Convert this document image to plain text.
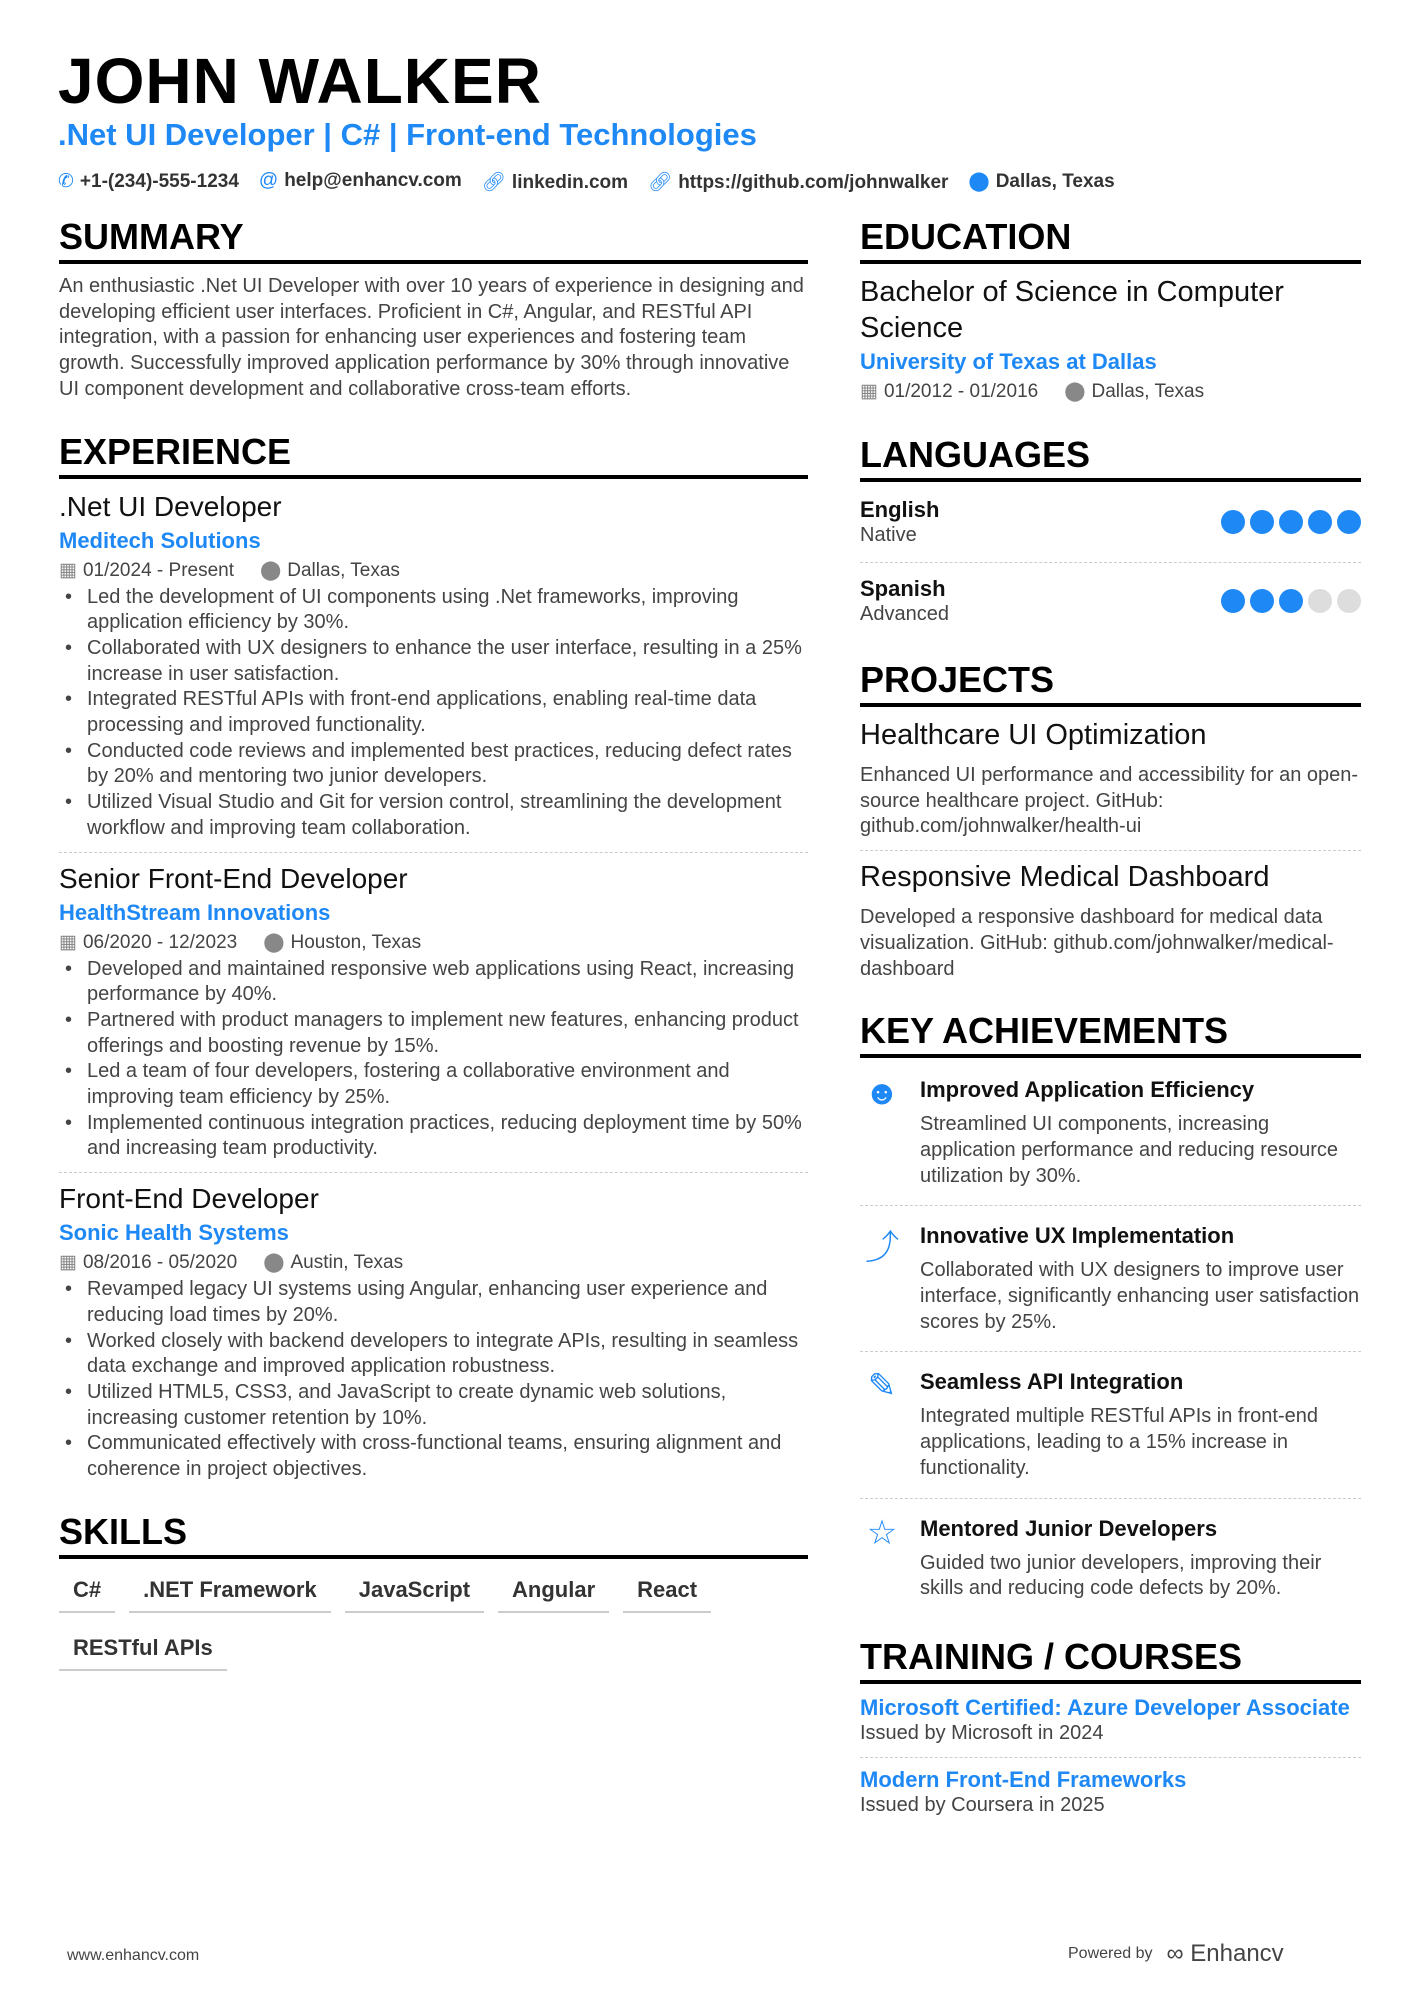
JOHN WALKER
.Net UI Developer | C# | Front-end Technologies
✆ +1-(234)-555-1234 @ help@enhancv.com 🔗︎ linkedin.com 🔗︎ https://github.com/johnwalker ⬤ Dallas, Texas
SUMMARY
An enthusiastic .Net UI Developer with over 10 years of experience in designing and developing efficient user interfaces. Proficient in C#, Angular, and RESTful API integration, with a passion for enhancing user experiences and fostering team growth. Successfully improved application performance by 30% through innovative UI component development and collaborative cross-team efforts.
EXPERIENCE
.Net UI Developer
Meditech Solutions
▦ 01/2024 - Present ⬤ Dallas, Texas
• Led the development of UI components using .Net frameworks, improving application efficiency by 30%.
• Collaborated with UX designers to enhance the user interface, resulting in a 25% increase in user satisfaction.
• Integrated RESTful APIs with front-end applications, enabling real-time data processing and improved functionality.
• Conducted code reviews and implemented best practices, reducing defect rates by 20% and mentoring two junior developers.
• Utilized Visual Studio and Git for version control, streamlining the development workflow and improving team collaboration.
Senior Front-End Developer
HealthStream Innovations
▦ 06/2020 - 12/2023 ⬤ Houston, Texas
• Developed and maintained responsive web applications using React, increasing performance by 40%.
• Partnered with product managers to implement new features, enhancing product offerings and boosting revenue by 15%.
• Led a team of four developers, fostering a collaborative environment and improving team efficiency by 25%.
• Implemented continuous integration practices, reducing deployment time by 50% and increasing team productivity.
Front-End Developer
Sonic Health Systems
▦ 08/2016 - 05/2020 ⬤ Austin, Texas
• Revamped legacy UI systems using Angular, enhancing user experience and reducing load times by 20%.
• Worked closely with backend developers to integrate APIs, resulting in seamless data exchange and improved application robustness.
• Utilized HTML5, CSS3, and JavaScript to create dynamic web solutions, increasing customer retention by 10%.
• Communicated effectively with cross-functional teams, ensuring alignment and coherence in project objectives.
SKILLS
C#	.NET Framework	JavaScript	Angular	React
RESTful APIs
EDUCATION
Bachelor of Science in Computer Science
University of Texas at Dallas
▦ 01/2012 - 01/2016 ⬤ Dallas, Texas
LANGUAGES
English
Native
Spanish
Advanced
PROJECTS
Healthcare UI Optimization
Enhanced UI performance and accessibility for an open-source healthcare project. GitHub: github.com/johnwalker/health-ui
Responsive Medical Dashboard
Developed a responsive dashboard for medical data visualization. GitHub: github.com/johnwalker/medical-dashboard
KEY ACHIEVEMENTS
☻ Improved Application Efficiency
Streamlined UI components, increasing application performance and reducing resource utilization by 30%.
⤴ Innovative UX Implementation
Collaborated with UX designers to improve user interface, significantly enhancing user satisfaction scores by 25%.
✎	Seamless API Integration
Integrated multiple RESTful APIs in front-end applications, leading to a 15% increase in functionality.
☆	Mentored Junior Developers
Guided two junior developers, improving their skills and reducing code defects by 20%.
TRAINING / COURSES
Microsoft Certified: Azure Developer Associate
Issued by Microsoft in 2024
Modern Front-End Frameworks
Issued by Coursera in 2025
www.enhancv.com	Powered by ∞ Enhancv
